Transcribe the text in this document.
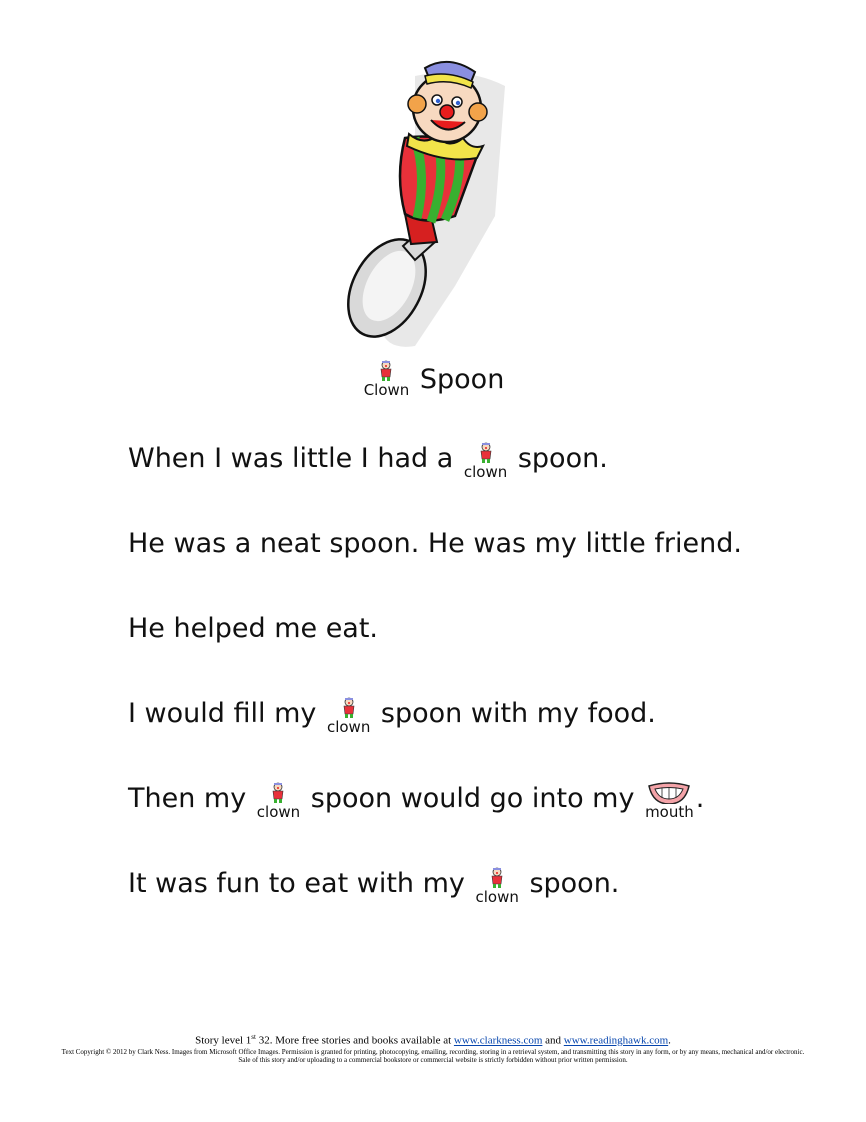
Clown Spoon
When I was little I had a clown spoon.
He was a neat spoon. He was my little friend.
He helped me eat.
I would fill my clown spoon with my food.
Then my clown spoon would go into my mouth .
It was fun to eat with my clown spoon.
Story level 1st 32. More free stories and books available at www.clarkness.com and www.readinghawk.com.
Text Copyright © 2012 by Clark Ness. Images from Microsoft Office Images. Permission is granted for printing, photocopying, emailing, recording, storing in a retrieval system, and transmitting this story in any form, or by any means, mechanical and/or electronic. Sale of this story and/or uploading to a commercial bookstore or commercial website is strictly forbidden without prior written permission.
